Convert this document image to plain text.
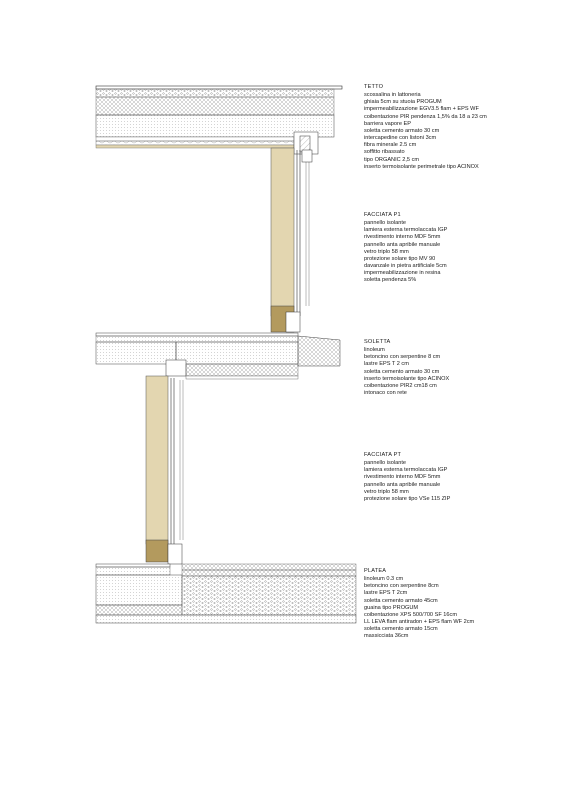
TETTO
scossalina in lattoneria
ghiaia 5cm su stuoia PROGUM
impermeabilizzazione EGV3.5 flam + EPS WF
coibentazione PIR pendenza 1,5% da 18 a 23 cm
barriera vapore EP
soletta cemento armato 30 cm
intercapedine con listoni 3cm
fibra minerale 2.5 cm
soffitto ribassato
tipo ORGANIC 2,5 cm
inserto termoisolante perimetrale tipo ACINOX
FACCIATA P1
pannello isolante
lamiera esterna termolaccata IGP
rivestimento interno MDF 5mm
pannello anta apribile manuale
vetro triplo 58 mm
protezione solare tipo MV 90
davanzale in pietra artificiale 5cm
impermeabilizzazione in resina
soletta pendenza 5%
SOLETTA
linoleum
betoncino con serpentine 8 cm
lastre EPS T 2 cm
soletta cemento armato 30 cm
inserto termoisolante tipo ACINOX
coibentazione PIR2 cm18 cm
intonaco con rete
FACCIATA PT
pannello isolante
lamiera esterna termolaccata IGP
rivestimento interno MDF 5mm
pannello anta apribile manuale
vetro triplo 58 mm
protezione solare tipo VSe 115 ZIP
PLATEA
linoleum 0.3 cm
betoncino con serpentine 8cm
lastre EPS T 2cm
soletta cemento armato 45cm
guaina tipo PROGUM
coibentazione XPS 500/700 SF 16cm
LL LEVA flam antiradon + EPS flam WF 2cm
soletta cemento armato 15cm
massicciata 36cm
